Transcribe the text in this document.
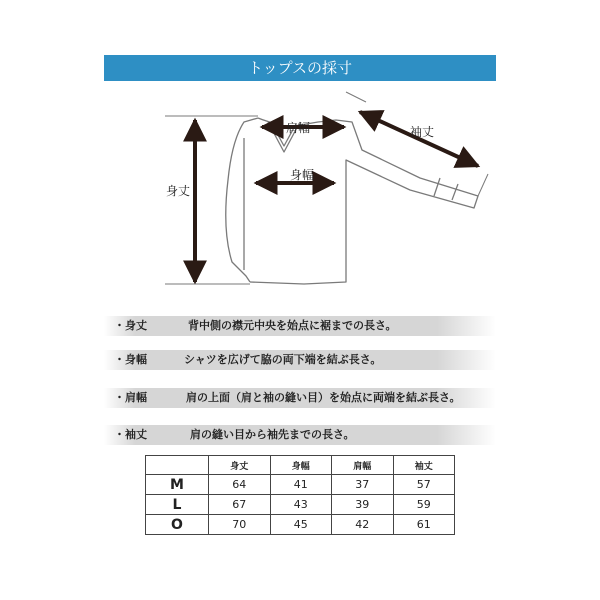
トップスの採寸
身丈
肩幅
身幅
袖丈
・身丈	背中側の襟元中央を始点に裾までの長さ。
・身幅	シャツを広げて脇の両下端を結ぶ長さ。
・肩幅	肩の上面（肩と袖の縫い目）を始点に両端を結ぶ長さ。
・袖丈	肩の縫い目から袖先までの長さ。
	身丈	身幅	肩幅	袖丈
M	64	41	37	57
L	67	43	39	59
O	70	45	42	61
